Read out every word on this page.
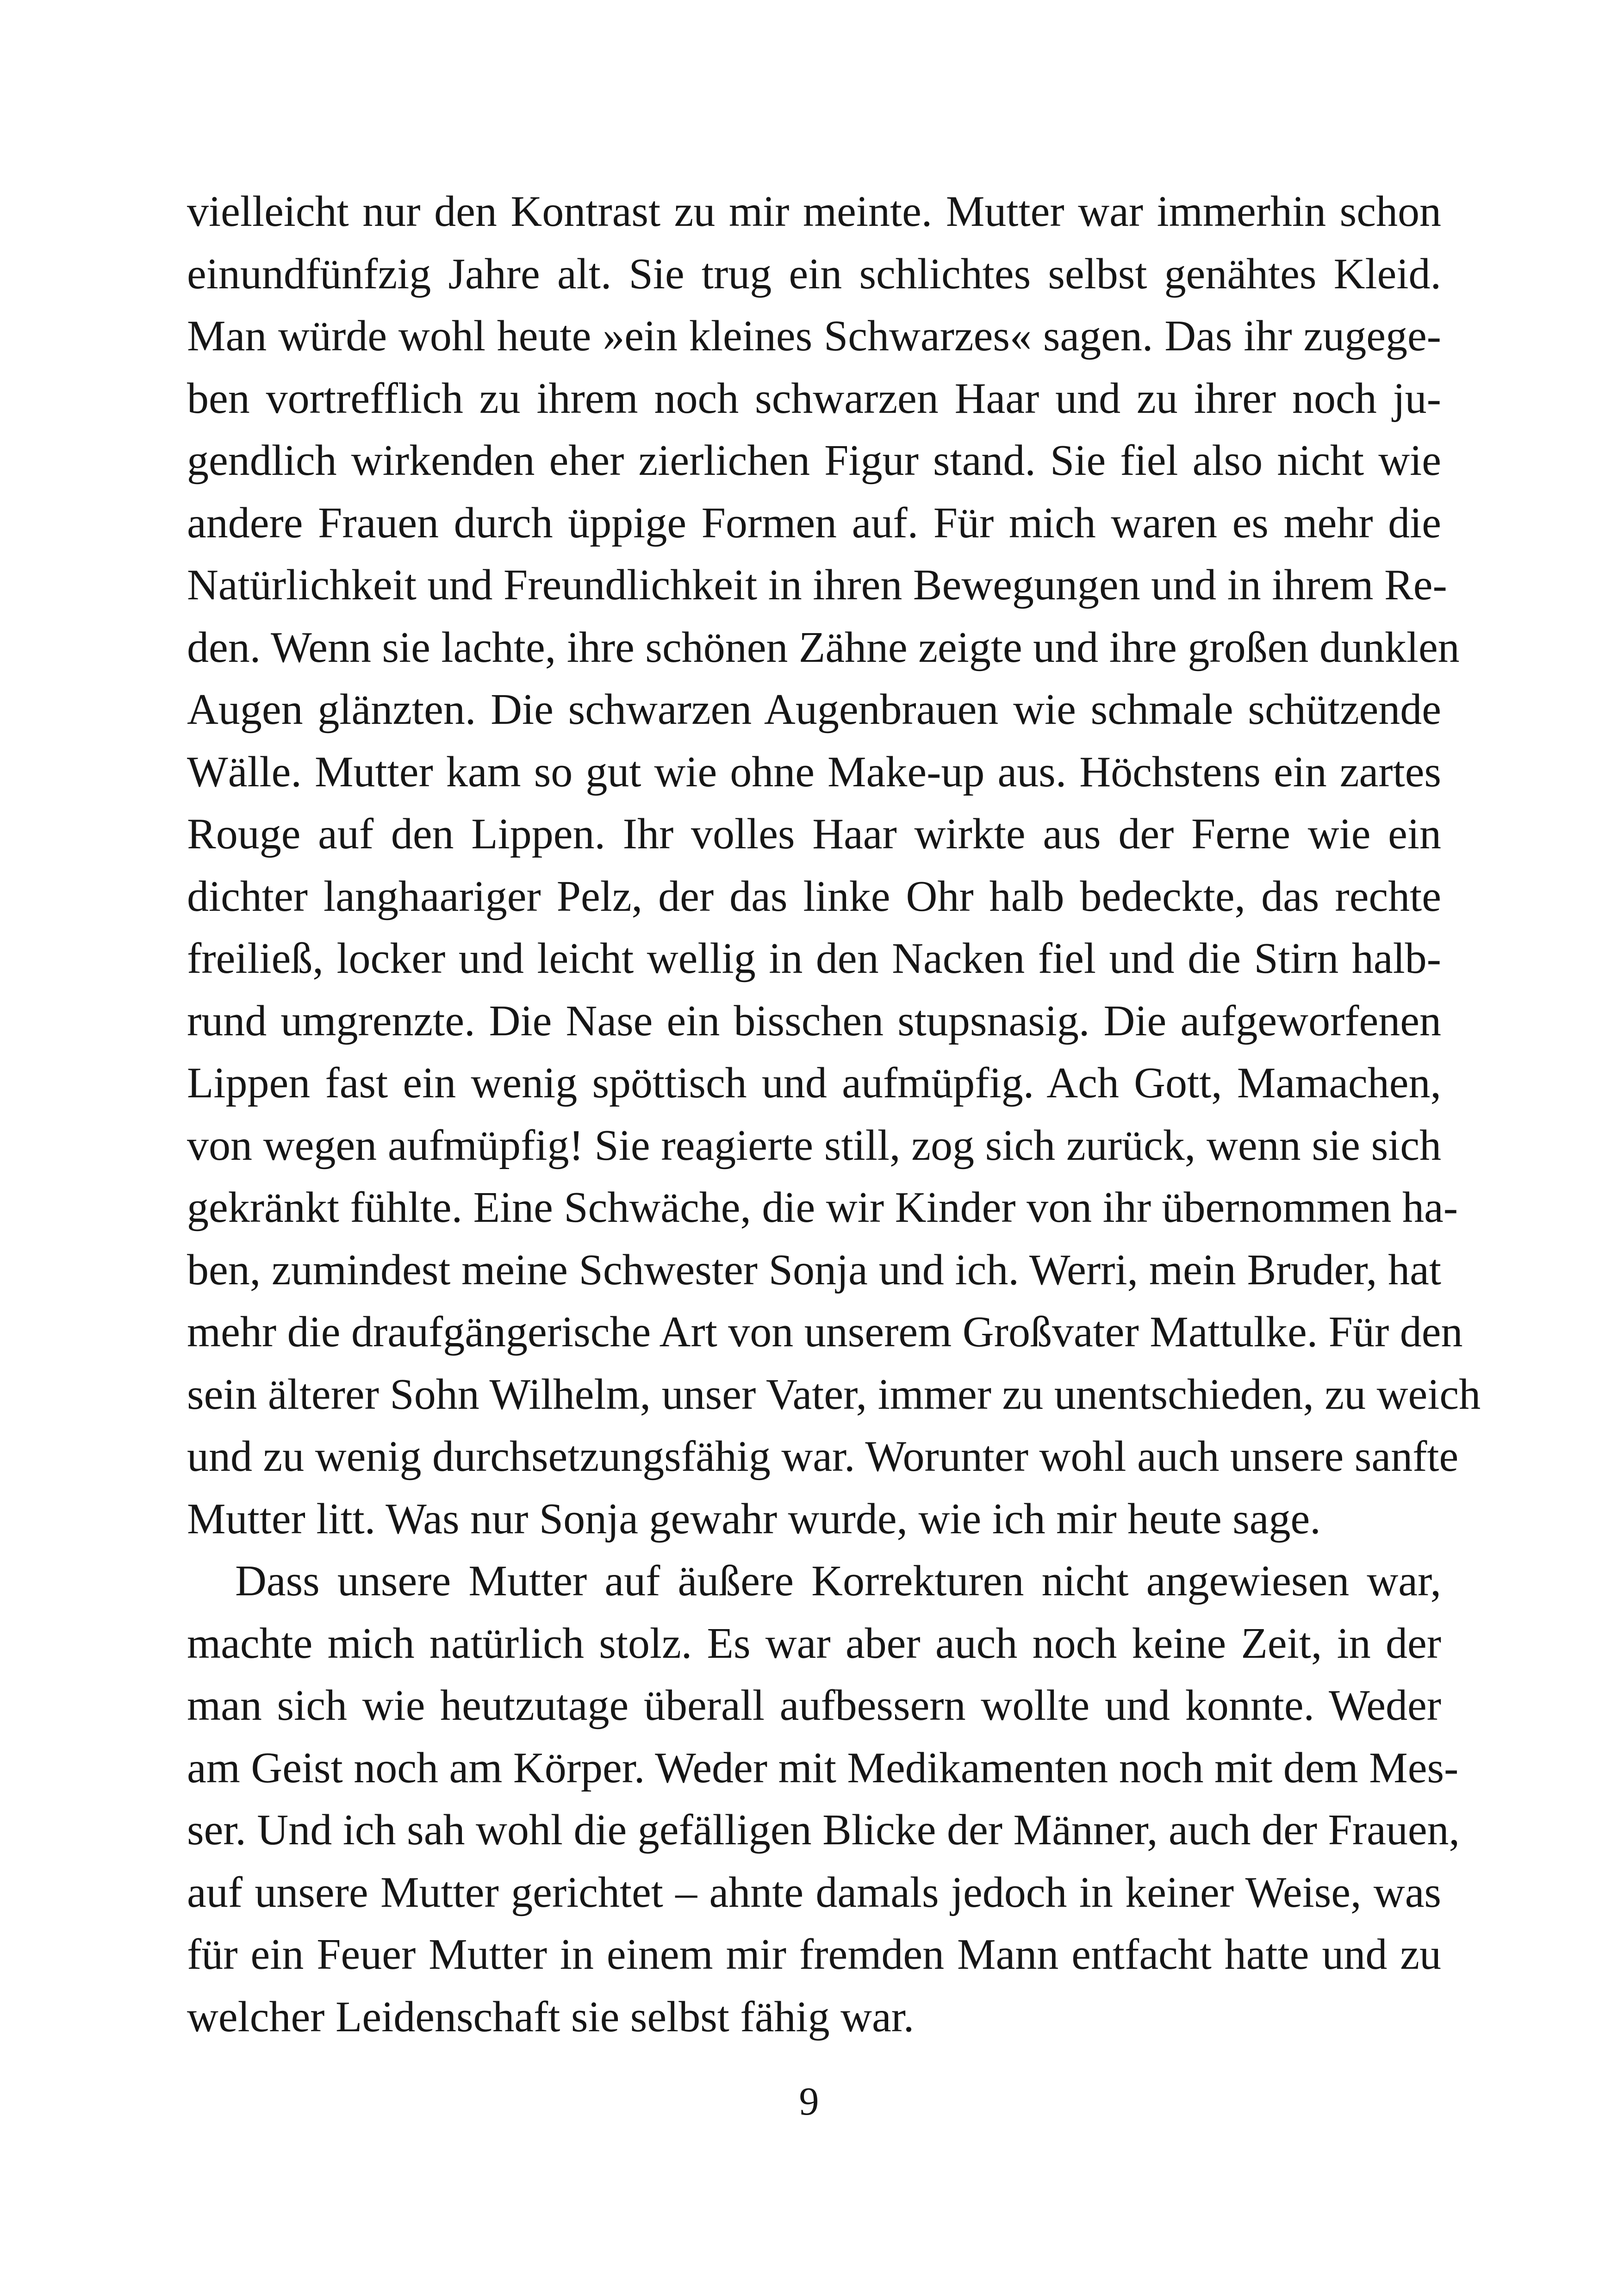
vielleicht nur den Kontrast zu mir meinte. Mutter war immerhin schon
einundfünfzig Jahre alt. Sie trug ein schlichtes selbst genähtes Kleid.
Man würde wohl heute »ein kleines Schwarzes« sagen. Das ihr zugege-
ben vortrefflich zu ihrem noch schwarzen Haar und zu ihrer noch ju-
gendlich wirkenden eher zierlichen Figur stand. Sie fiel also nicht wie
andere Frauen durch üppige Formen auf. Für mich waren es mehr die
Natürlichkeit und Freundlichkeit in ihren Bewegungen und in ihrem Re-
den. Wenn sie lachte, ihre schönen Zähne zeigte und ihre großen dunklen
Augen glänzten. Die schwarzen Augenbrauen wie schmale schützende
Wälle. Mutter kam so gut wie ohne Make-up aus. Höchstens ein zartes
Rouge auf den Lippen. Ihr volles Haar wirkte aus der Ferne wie ein
dichter langhaariger Pelz, der das linke Ohr halb bedeckte, das rechte
freiließ, locker und leicht wellig in den Nacken fiel und die Stirn halb-
rund umgrenzte. Die Nase ein bisschen stupsnasig. Die aufgeworfenen
Lippen fast ein wenig spöttisch und aufmüpfig. Ach Gott, Mamachen,
von wegen aufmüpfig! Sie reagierte still, zog sich zurück, wenn sie sich
gekränkt fühlte. Eine Schwäche, die wir Kinder von ihr übernommen ha-
ben, zumindest meine Schwester Sonja und ich. Werri, mein Bruder, hat
mehr die draufgängerische Art von unserem Großvater Mattulke. Für den
sein älterer Sohn Wilhelm, unser Vater, immer zu unentschieden, zu weich
und zu wenig durchsetzungsfähig war. Worunter wohl auch unsere sanfte
Mutter litt. Was nur Sonja gewahr wurde, wie ich mir heute sage.
Dass unsere Mutter auf äußere Korrekturen nicht angewiesen war,
machte mich natürlich stolz. Es war aber auch noch keine Zeit, in der
man sich wie heutzutage überall aufbessern wollte und konnte. Weder
am Geist noch am Körper. Weder mit Medikamenten noch mit dem Mes-
ser. Und ich sah wohl die gefälligen Blicke der Männer, auch der Frauen,
auf unsere Mutter gerichtet – ahnte damals jedoch in keiner Weise, was
für ein Feuer Mutter in einem mir fremden Mann entfacht hatte und zu
welcher Leidenschaft sie selbst fähig war.
9
